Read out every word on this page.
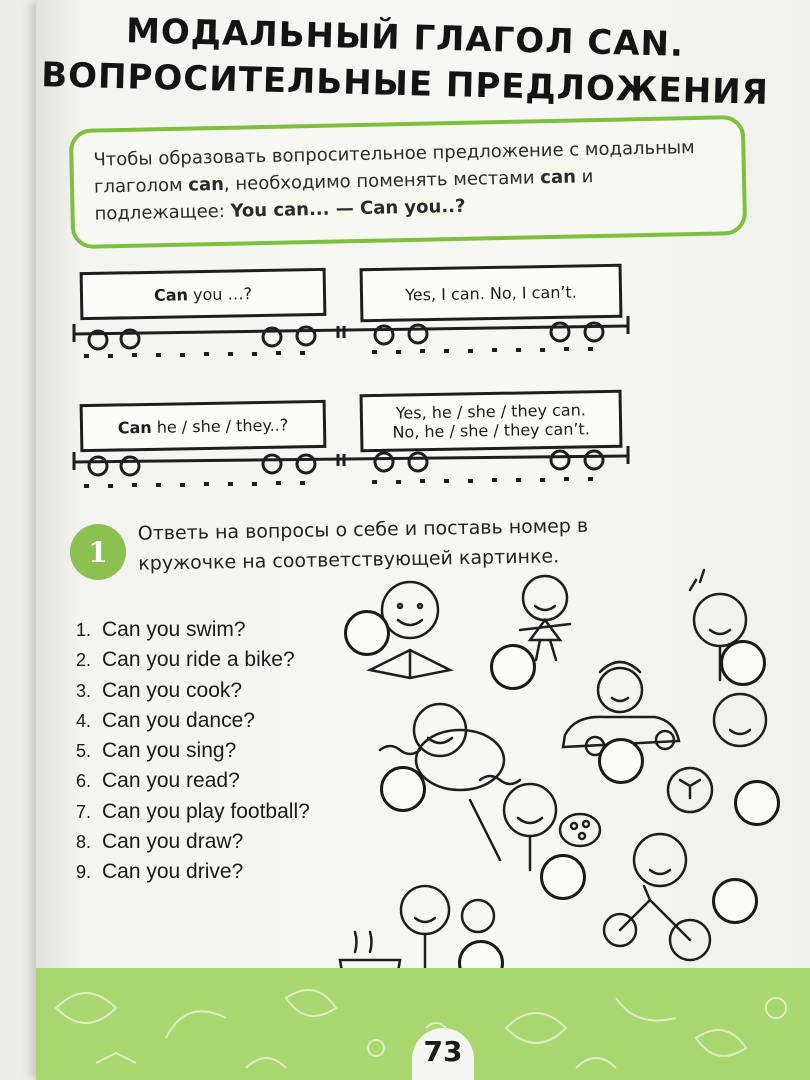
МОДАЛЬНЫЙ ГЛАГОЛ CAN.
ВОПРОСИТЕЛЬНЫЕ ПРЕДЛОЖЕНИЯ
Чтобы образовать вопросительное предложение с модальным глаголом can, необходимо поменять местами can и подлежащее: You can... — Can you..?
Can you …?	Yes, I can. No, I can’t.
Can he / she / they..?
Yes, he / she / they can.
No, he / she / they can’t.
1
Ответь на вопросы о себе и поставь номер в кружочке на соответствующей картинке.
1. Can you swim?
2. Can you ride a bike?
3. Can you cook?
4. Can you dance?
5. Can you sing?
6. Can you read?
7. Can you play football?
8. Can you draw?
9. Can you drive?
73
